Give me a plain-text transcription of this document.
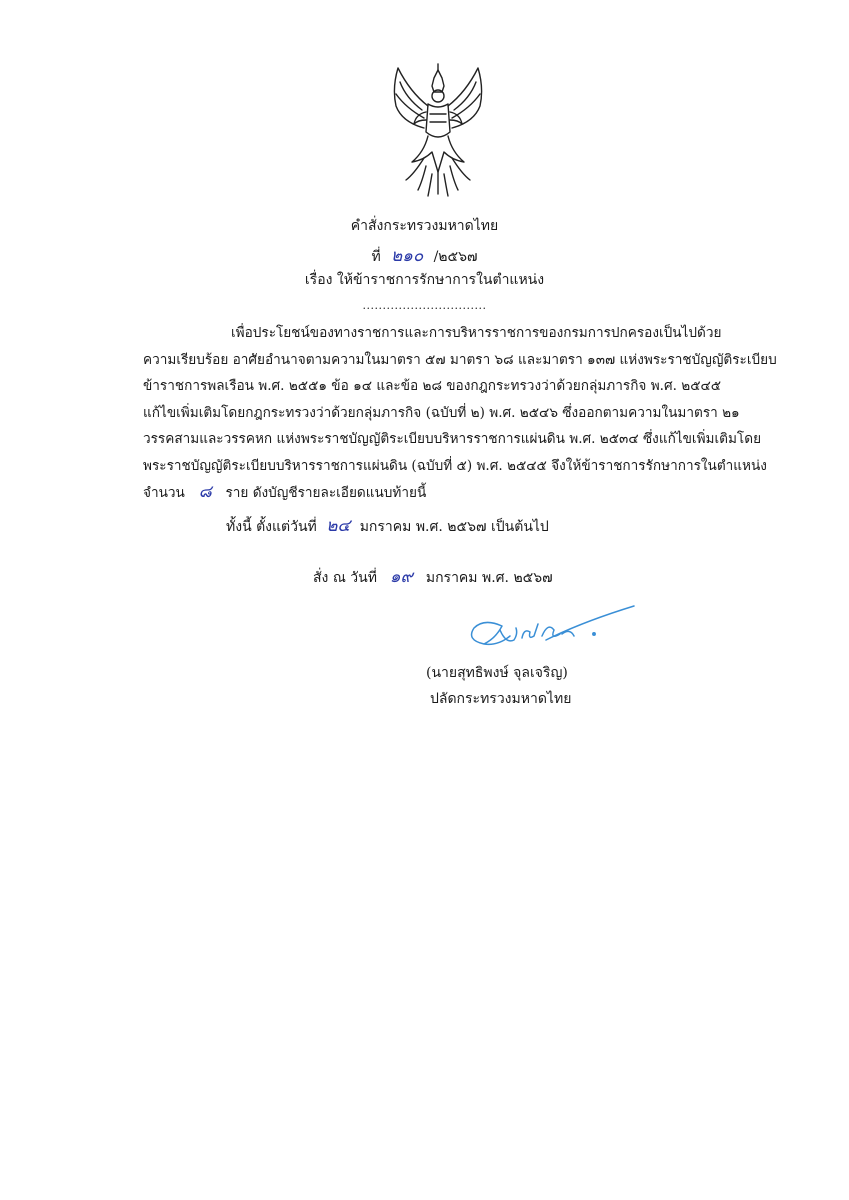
คำสั่งกระทรวงมหาดไทย
ที่ ๒๑๐ /๒๕๖๗
เรื่อง ให้ข้าราชการรักษาการในตำแหน่ง
...............................
เพื่อประโยชน์ของทางราชการและการบริหารราชการของกรมการปกครองเป็นไปด้วย
ความเรียบร้อย อาศัยอำนาจตามความในมาตรา ๕๗ มาตรา ๖๘ และมาตรา ๑๓๗ แห่งพระราชบัญญัติระเบียบ
ข้าราชการพลเรือน พ.ศ. ๒๕๕๑ ข้อ ๑๔ และข้อ ๒๘ ของกฎกระทรวงว่าด้วยกลุ่มภารกิจ พ.ศ. ๒๕๔๕
แก้ไขเพิ่มเติมโดยกฎกระทรวงว่าด้วยกลุ่มภารกิจ (ฉบับที่ ๒) พ.ศ. ๒๕๔๖ ซึ่งออกตามความในมาตรา ๒๑
วรรคสามและวรรคหก แห่งพระราชบัญญัติระเบียบบริหารราชการแผ่นดิน พ.ศ. ๒๕๓๔ ซึ่งแก้ไขเพิ่มเติมโดย
พระราชบัญญัติระเบียบบริหารราชการแผ่นดิน (ฉบับที่ ๕) พ.ศ. ๒๕๔๕ จึงให้ข้าราชการรักษาการในตำแหน่ง
จำนวน ๘ ราย ดังบัญชีรายละเอียดแนบท้ายนี้
ทั้งนี้ ตั้งแต่วันที่ ๒๔ มกราคม พ.ศ. ๒๕๖๗ เป็นต้นไป
สั่ง ณ วันที่ ๑๙ มกราคม พ.ศ. ๒๕๖๗
(นายสุทธิพงษ์ จุลเจริญ)
ปลัดกระทรวงมหาดไทย
